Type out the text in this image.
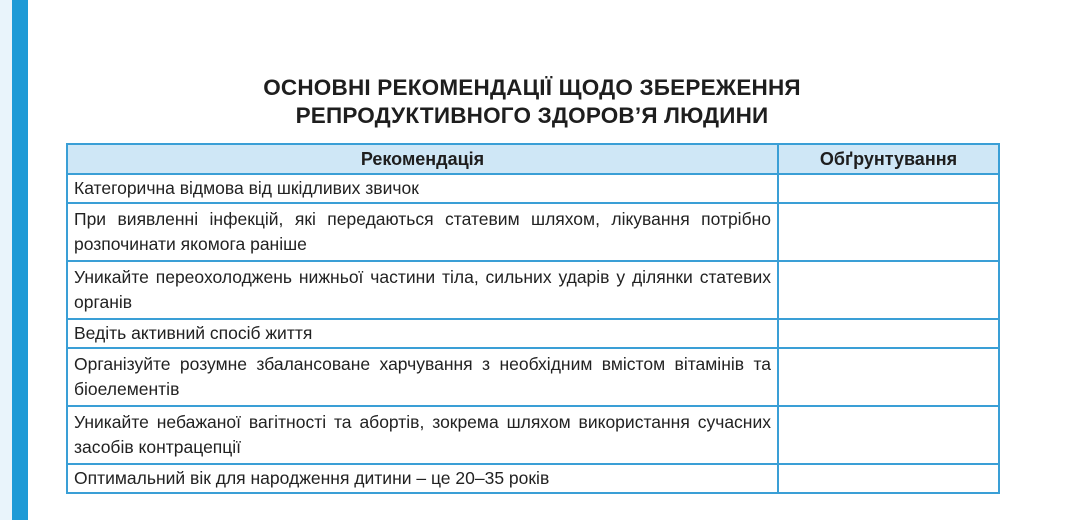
ОСНОВНІ РЕКОМЕНДАЦІЇ ЩОДО ЗБЕРЕЖЕННЯ
РЕПРОДУКТИВНОГО ЗДОРОВ’Я ЛЮДИНИ
Рекомендація	Обґрунтування
Категорична відмова від шкідливих звичок	
При виявленні інфекцій, які передаються статевим шляхом, лікування потрібно розпочинати якомога раніше	
Уникайте переохолоджень нижньої частини тіла, сильних ударів у ділянки статевих органів	
Ведіть активний спосіб життя	
Організуйте розумне збалансоване харчування з необхідним вмістом вітамінів та біоелементів	
Уникайте небажаної вагітності та абортів, зокрема шляхом використання сучасних засобів контрацепції	
Оптимальний вік для народження дитини – це 20–35 років	
